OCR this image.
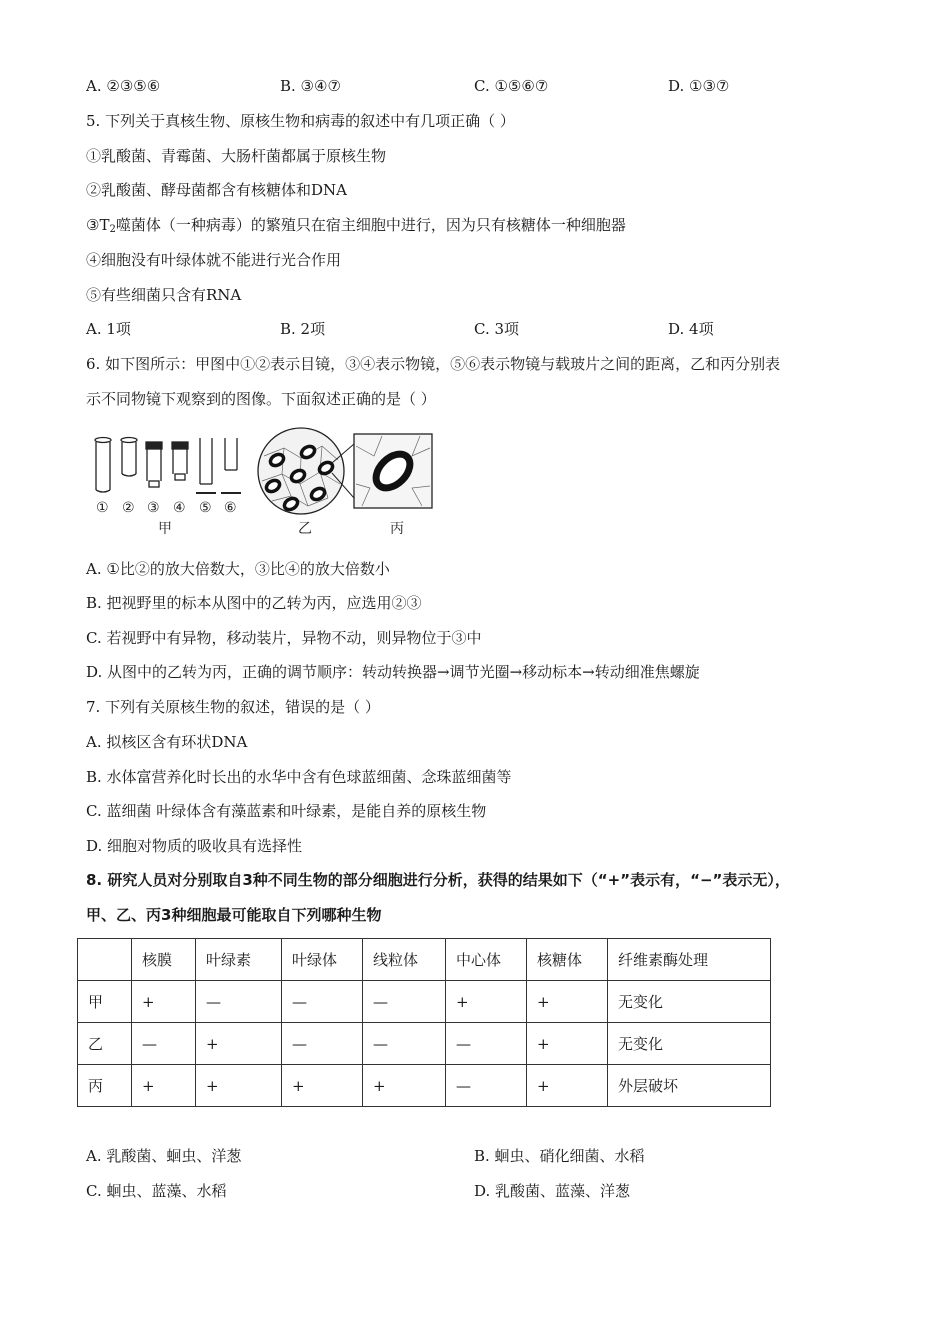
A. ②③⑤⑥	B. ③④⑦	C. ①⑤⑥⑦	D. ①③⑦
5. 下列关于真核生物、原核生物和病毒的叙述中有几项正确（ ）
①乳酸菌、青霉菌、大肠杆菌都属于原核生物
②乳酸菌、酵母菌都含有核糖体和DNA
$③T_2$噬菌体（一种病毒）的繁殖只在宿主细胞中进行，因为只有核糖体一种细胞器
④细胞没有叶绿体就不能进行光合作用
⑤有些细菌只含有RNA
A. 1项	B. 2项	C. 3项	D. 4项
6. 如下图所示：甲图中①②表示目镜，③④表示物镜，⑤⑥表示物镜与载玻片之间的距离，乙和丙分别表
示不同物镜下观察到的图像。下面叙述正确的是（ ）
① ② ③ ④ ⑤ ⑥
甲	乙	丙
A. ①比②的放大倍数大，③比④的放大倍数小
B. 把视野里的标本从图中的乙转为丙，应选用②③
C. 若视野中有异物，移动装片，异物不动，则异物位于③中
D. 从图中的乙转为丙，正确的调节顺序：转动转换器→调节光圈→移动标本→转动细准焦螺旋
7. 下列有关原核生物的叙述，错误的是（ ）
A. 拟核区含有环状DNA
B. 水体富营养化时长出的水华中含有色球蓝细菌、念珠蓝细菌等
C. 蓝细菌 叶绿体含有藻蓝素和叶绿素，是能自养的原核生物
D. 细胞对物质的吸收具有选择性
8. 研究人员对分别取自3种不同生物的部分细胞进行分析，获得的结果如下（“+”表示有，“−”表示无），
甲、乙、丙3种细胞最可能取自下列哪种生物
	核膜	叶绿素	叶绿体	线粒体	中心体	核糖体	纤维素酶处理
甲	+	—	—	—	+	+	无变化
乙	—	+	—	—	—	+	无变化
丙	+	+	+	+	—	+	外层破坏
A. 乳酸菌、蛔虫、洋葱	B. 蛔虫、硝化细菌、水稻
C. 蛔虫、蓝藻、水稻	D. 乳酸菌、蓝藻、洋葱
